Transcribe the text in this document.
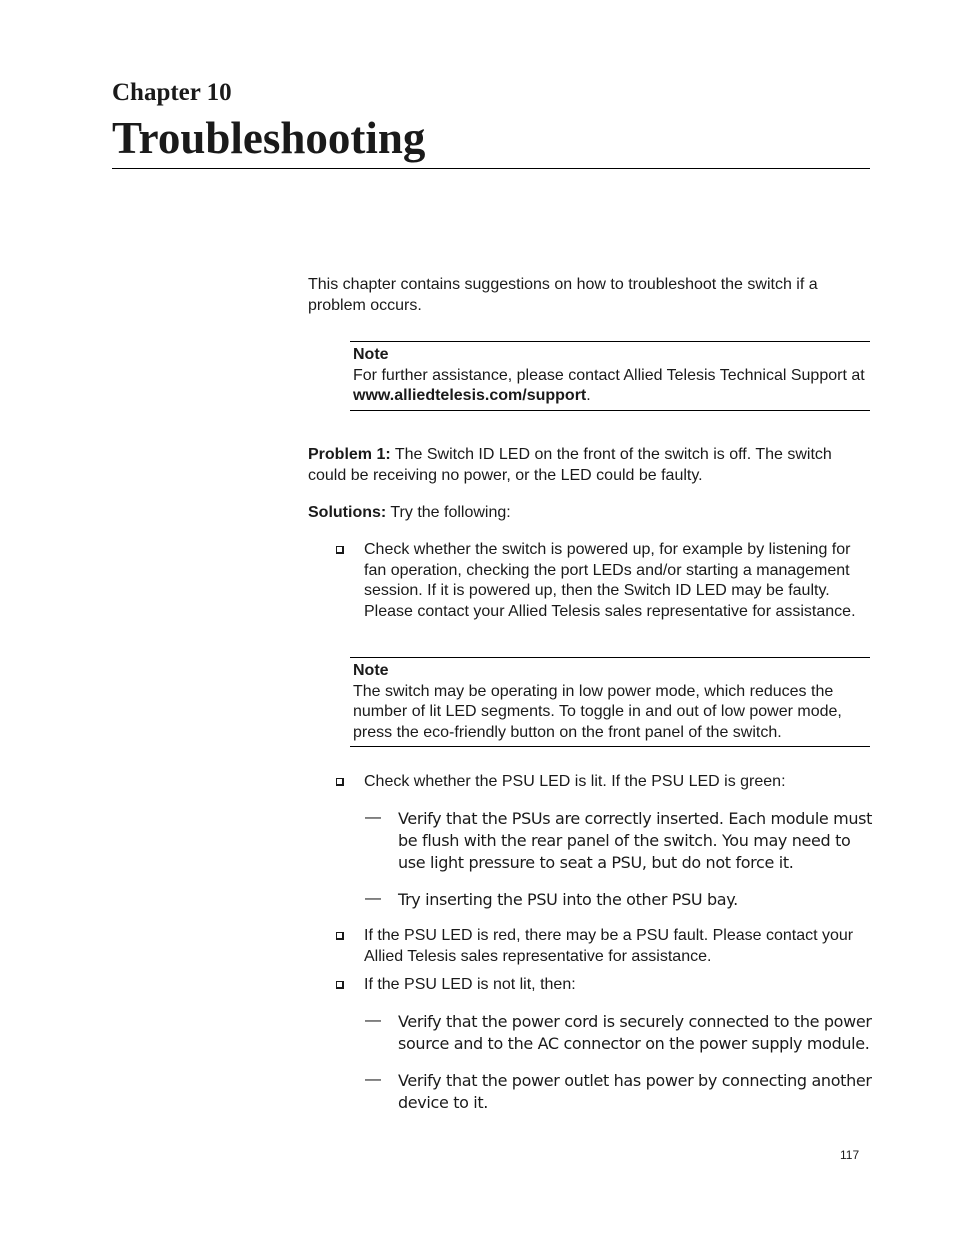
Chapter 10
Troubleshooting
This chapter contains suggestions on how to troubleshoot the switch if a problem occurs.
Note
For further assistance, please contact Allied Telesis Technical Support at www.alliedtelesis.com/support.
Problem 1: The Switch ID LED on the front of the switch is off. The switch could be receiving no power, or the LED could be faulty.
Solutions: Try the following:
Check whether the switch is powered up, for example by listening for fan operation, checking the port LEDs and/or starting a management session. If it is powered up, then the Switch ID LED may be faulty. Please contact your Allied Telesis sales representative for assistance.
Note
The switch may be operating in low power mode, which reduces the number of lit LED segments. To toggle in and out of low power mode, press the eco-friendly button on the front panel of the switch.
Check whether the PSU LED is lit. If the PSU LED is green:
— Verify that the PSUs are correctly inserted. Each module must be flush with the rear panel of the switch. You may need to use light pressure to seat a PSU, but do not force it.
— Try inserting the PSU into the other PSU bay.
If the PSU LED is red, there may be a PSU fault. Please contact your Allied Telesis sales representative for assistance.
If the PSU LED is not lit, then:
— Verify that the power cord is securely connected to the power source and to the AC connector on the power supply module.
— Verify that the power outlet has power by connecting another device to it.
117
